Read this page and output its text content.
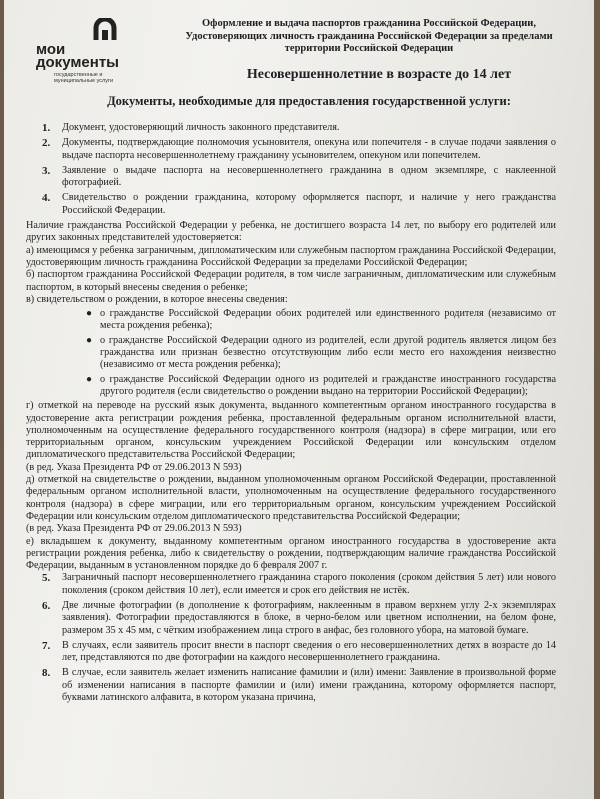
мои
документы
государственные и муниципальные услуги
Оформление и выдача паспортов гражданина Российской Федерации, Удостоверяющих личность гражданина Российской Федерации за пределами территории Российской Федерации
Несовершеннолетние в возрасте до 14 лет
Документы, необходимые для предоставления государственной услуги:
1. Документ, удостоверяющий личность законного представителя.
2. Документы, подтверждающие полномочия усыновителя, опекуна или попечителя - в случае подачи заявления о выдаче паспорта несовершеннолетнему гражданину усыновителем, опекуном или попечителем.
3. Заявление о выдаче паспорта на несовершеннолетнего гражданина в одном экземпляре, с наклеенной фотографией.
4. Свидетельство о рождении гражданина, которому оформляется паспорт, и наличие у него гражданства Российской Федерации.

Наличие гражданства Российской Федерации у ребенка, не достигшего возраста 14 лет, по выбору его родителей или других законных представителей удостоверяется:

а) имеющимся у ребенка заграничным, дипломатическим или служебным паспортом гражданина Российской Федерации, удостоверяющим личность гражданина Российской Федерации за пределами Российской Федерации;

б) паспортом гражданина Российской Федерации родителя, в том числе заграничным, дипломатическим или служебным паспортом, в который внесены сведения о ребенке;

в) свидетельством о рождении, в которое внесены сведения:

● о гражданстве Российской Федерации обоих родителей или единственного родителя (независимо от места рождения ребенка);
● о гражданстве Российской Федерации одного из родителей, если другой родитель является лицом без гражданства или признан безвестно отсутствующим либо если место его нахождения неизвестно (независимо от места рождения ребенка);
● о гражданстве Российской Федерации одного из родителей и гражданстве иностранного государства другого родителя (если свидетельство о рождении выдано на территории Российской Федерации);

г) отметкой на переводе на русский язык документа, выданного компетентным органом иностранного государства в удостоверение акта регистрации рождения ребенка, проставленной федеральным органом исполнительной власти, уполномоченным на осуществление федерального государственного контроля (надзора) в сфере миграции, или его территориальным органом, консульским учреждением Российской Федерации или консульским отделом дипломатического представительства Российской Федерации;

(в ред. Указа Президента РФ от 29.06.2013 N 593)

д) отметкой на свидетельстве о рождении, выданном уполномоченным органом Российской Федерации, проставленной федеральным органом исполнительной власти, уполномоченным на осуществление федерального государственного контроля (надзора) в сфере миграции, или его территориальным органом, консульским учреждением Российской Федерации или консульским отделом дипломатического представительства Российской Федерации;

(в ред. Указа Президента РФ от 29.06.2013 N 593)

е) вкладышем к документу, выданному компетентным органом иностранного государства в удостоверение акта регистрации рождения ребенка, либо к свидетельству о рождении, подтверждающим наличие гражданства Российской Федерации, выданным в установленном порядке до 6 февраля 2007 г.

5. Заграничный паспорт несовершеннолетнего гражданина старого поколения (сроком действия 5 лет) или нового поколения (сроком действия 10 лет), если имеется и срок его действия не истёк.
6. Две личные фотографии (в дополнение к фотографиям, наклеенным в правом верхнем углу 2-х экземплярах заявления). Фотографии предоставляются в блоке, в черно-белом или цветном исполнении, на белом фоне, размером 35 х 45 мм, с чётким изображением лица строго в анфас, без головного убора, на матовой бумаге.
7. В случаях, если заявитель просит внести в паспорт сведения о его несовершеннолетних детях в возрасте до 14 лет, представляются по две фотографии на каждого несовершеннолетнего гражданина.
8. В случае, если заявитель желает изменить написание фамилии и (или) имени: Заявление в произвольной форме об изменении написания в паспорте фамилии и (или) имени гражданина, которому оформляется паспорт, буквами латинского алфавита, в котором указана причина,
